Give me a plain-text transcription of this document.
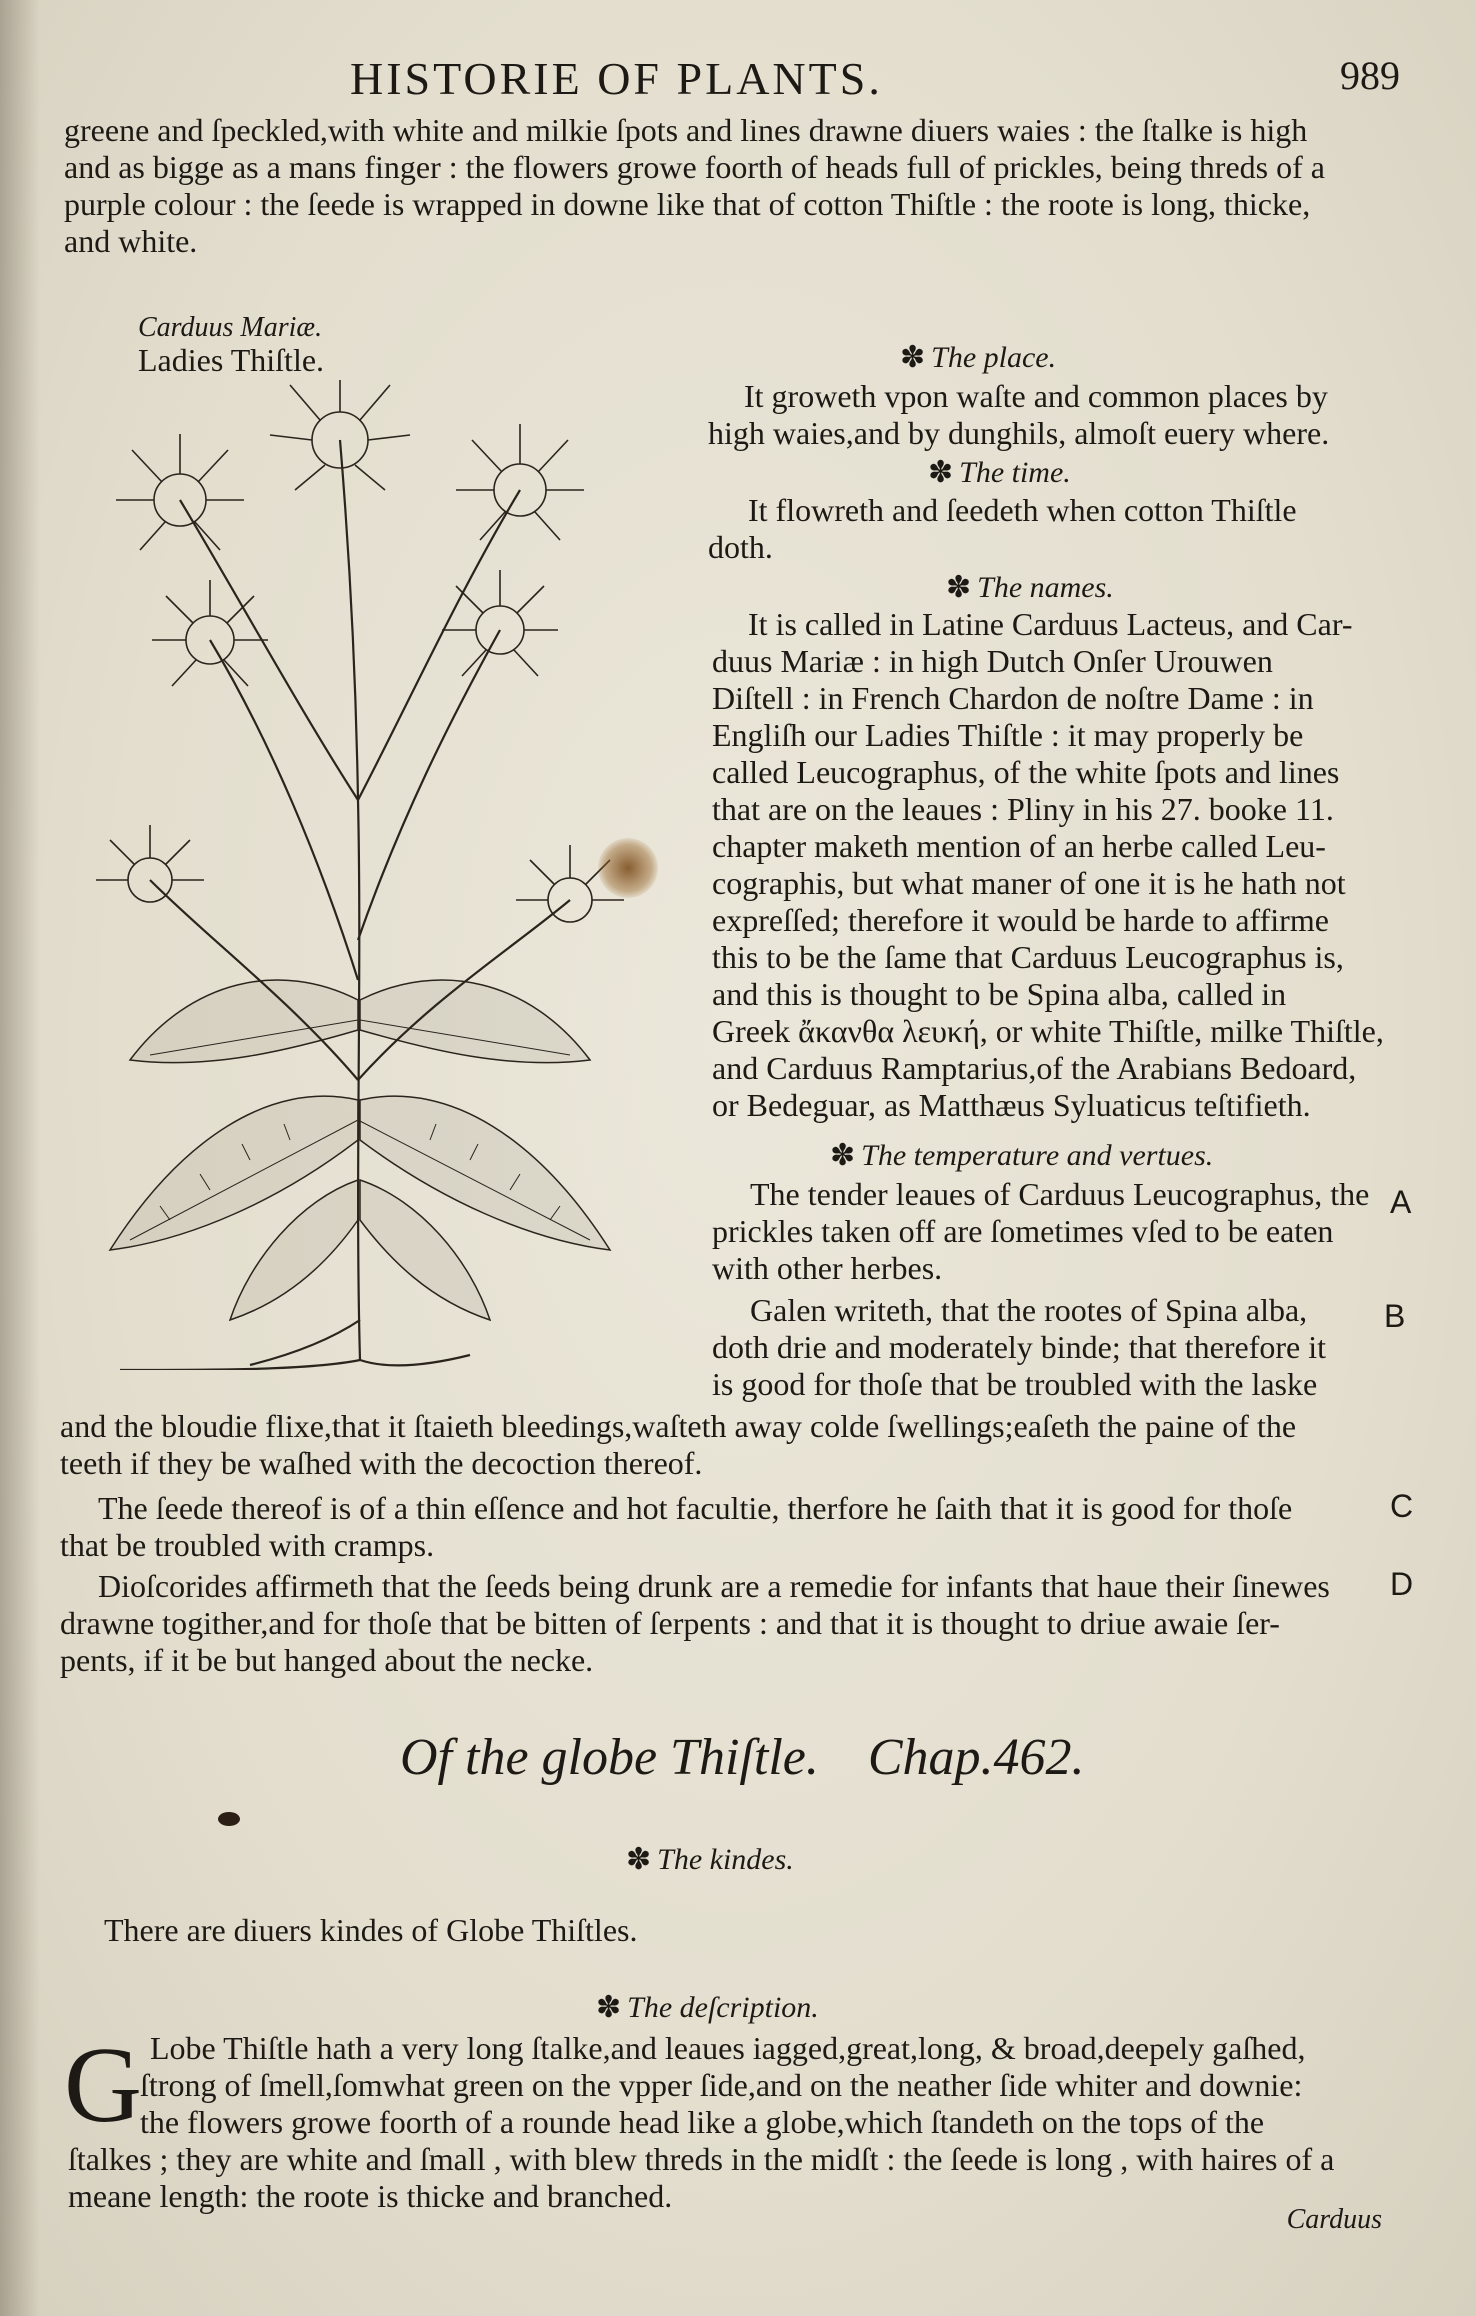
HISTORIE OF PLANTS.	989

greene and ſpeckled,with white and milkie ſpots and lines drawne diuers waies : the ſtalke is high

and as bigge as a mans finger : the flowers growe foorth of heads full of prickles, being threds of a

purple colour : the ſeede is wrapped in downe like that of cotton Thiſtle : the roote is long, thicke,

and white.

Carduus Mariæ.
Ladies Thiſtle.	✽ The place.

It groweth vpon waſte and common places by

high waies,and by dunghils, almoſt euery where.

✽ The time.

It flowreth and ſeedeth when cotton Thiſtle

doth.

✽ The names.

It is called in Latine Carduus Lacteus, and Car-

duus Mariæ : in high Dutch Onſer Urouwen

Diſtell : in French Chardon de noſtre Dame : in

Engliſh our Ladies Thiſtle : it may properly be

called Leucographus, of the white ſpots and lines

that are on the leaues : Pliny in his 27. booke 11.

chapter maketh mention of an herbe called Leu-

cographis, but what maner of one it is he hath not

expreſſed; therefore it would be harde to affirme

this to be the ſame that Carduus Leucographus is,

and this is thought to be Spina alba, called in

Greek ἄκανθα λευκή, or white Thiſtle, milke Thiſtle,

and Carduus Ramptarius,of the Arabians Bedoard,

or Bedeguar, as Matthæus Syluaticus teſtifieth.

✽ The temperature and vertues.

The tender leaues of Carduus Leucographus, the

prickles taken off are ſometimes vſed to be eaten

with other herbes.

Galen writeth, that the rootes of Spina alba,

doth drie and moderately binde; that therefore it

is good for thoſe that be troubled with the laske

A
B
C
D

and the bloudie flixe,that it ſtaieth bleedings,waſteth away colde ſwellings;eaſeth the paine of the

teeth if they be waſhed with the decoction thereof.

The ſeede thereof is of a thin eſſence and hot facultie, therfore he ſaith that it is good for thoſe

that be troubled with cramps.

Dioſcorides affirmeth that the ſeeds being drunk are a remedie for infants that haue their ſinewes

drawne togither,and for thoſe that be bitten of ſerpents : and that it is thought to driue awaie ſer-

pents, if it be but hanged about the necke.

Of the globe Thiſtle. Chap.462.
✽ The kindes.

There are diuers kindes of Globe Thiſtles.

✽ The deſcription.
G Lobe Thiſtle hath a very long ſtalke,and leaues iagged,great,long, & broad,deepely gaſhed,

ſtrong of ſmell,ſomwhat green on the vpper ſide,and on the neather ſide whiter and downie:

the flowers growe foorth of a rounde head like a globe,which ſtandeth on the tops of the

ſtalkes ; they are white and ſmall , with blew threds in the midſt : the ſeede is long , with haires of a

meane length: the roote is thicke and branched.

Carduus
